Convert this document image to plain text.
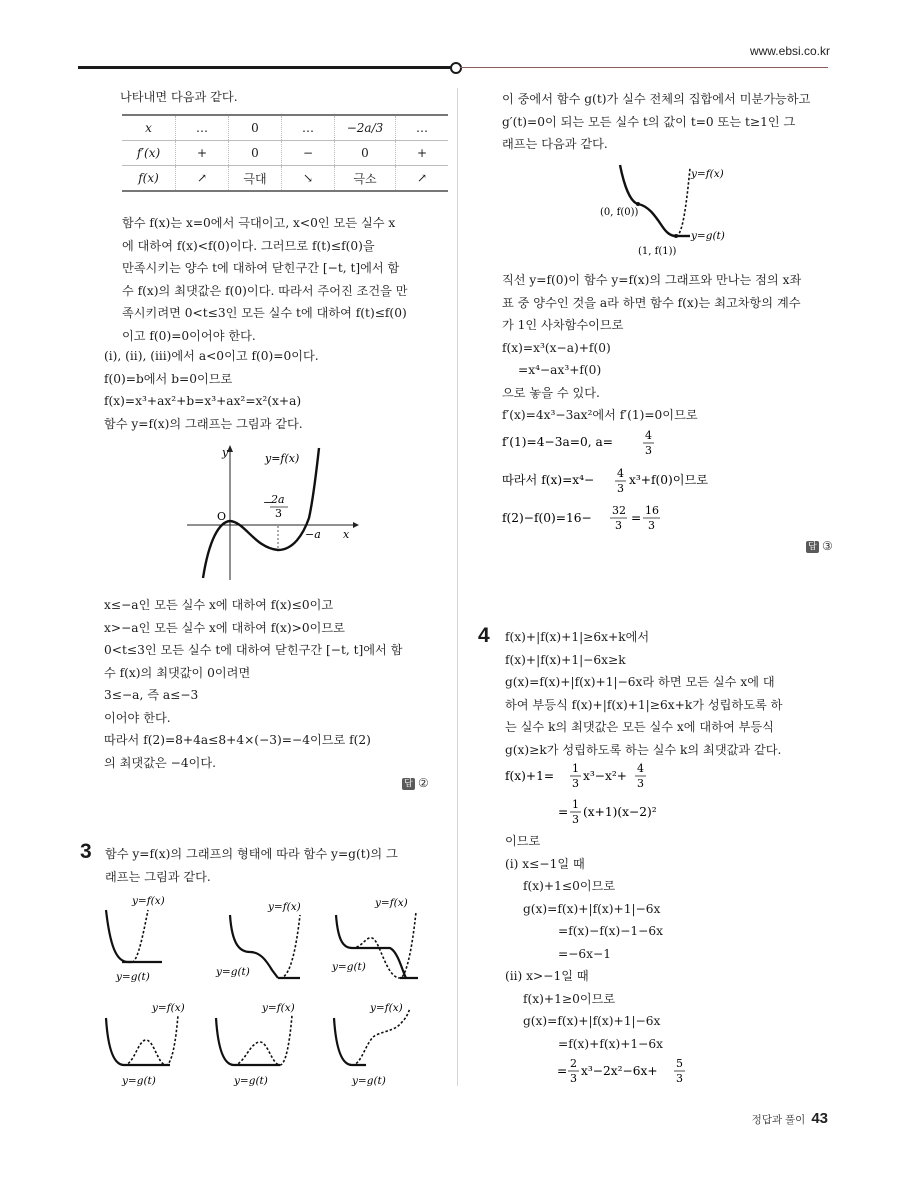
www.ebsi.co.kr
나타내면 다음과 같다.
x	…	0	…	−2a/3	…
f′(x)	+	0	−	0	+
f(x)	↗	극대	↘	극소	↗
함수 f(x)는 x=0에서 극대이고, x<0인 모든 실수 x
에 대하여 f(x)<f(0)이다. 그러므로 f(t)≤f(0)을
만족시키는 양수 t에 대하여 닫힌구간 [−t, t]에서 함
수 f(x)의 최댓값은 f(0)이다. 따라서 주어진 조건을 만
족시키려면 0<t≤3인 모든 실수 t에 대하여 f(t)≤f(0)
이고 f(0)=0이어야 한다.
(i), (ii), (iii)에서 a<0이고 f(0)=0이다.
f(0)=b에서 b=0이므로
f(x)=x³+ax²+b=x³+ax²=x²(x+a)
함수 y=f(x)의 그래프는 그림과 같다.
y
x
O
y=f(x)
−
2a
3
−a
x≤−a인 모든 실수 x에 대하여 f(x)≤0이고
x>−a인 모든 실수 x에 대하여 f(x)>0이므로
0<t≤3인 모든 실수 t에 대하여 닫힌구간 [−t, t]에서 함
수 f(x)의 최댓값이 0이려면
3≤−a, 즉 a≤−3
이어야 한다.
따라서 f(2)=8+4a≤8+4×(−3)=−4이므로 f(2)
의 최댓값은 −4이다.
답 ②
3 함수 y=f(x)의 그래프의 형태에 따라 함수 y=g(t)의 그
래프는 그림과 같다.
y=f(x)
y=g(t)
y=f(x)
y=g(t)
y=f(x)
y=g(t)
y=f(x)
y=g(t)
y=f(x)
y=g(t)
y=f(x)
y=g(t)
이 중에서 함수 g(t)가 실수 전체의 집합에서 미분가능하고
g′(t)=0이 되는 모든 실수 t의 값이 t=0 또는 t≥1인 그
래프는 다음과 같다.
y=f(x)
y=g(t)
(0, f(0))
(1, f(1))
직선 y=f(0)이 함수 y=f(x)의 그래프와 만나는 점의 x좌
표 중 양수인 것을 a라 하면 함수 f(x)는 최고차항의 계수
가 1인 사차함수이므로
f(x)=x³(x−a)+f(0)
=x⁴−ax³+f(0)
으로 놓을 수 있다.
f′(x)=4x³−3ax²에서 f′(1)=0이므로
f′(1)=4−3a=0, a=	4
3
따라서 f(x)=x⁴− 4
3
x³+f(0)이므로
f(2)−f(0)=16−
32
3
=
16
3
답 ③
4 f(x)+|f(x)+1|≥6x+k에서
f(x)+|f(x)+1|−6x≥k
g(x)=f(x)+|f(x)+1|−6x라 하면 모든 실수 x에 대
하여 부등식 f(x)+|f(x)+1|≥6x+k가 성립하도록 하
는 실수 k의 최댓값은 모든 실수 x에 대하여 부등식
g(x)≥k가 성립하도록 하는 실수 k의 최댓값과 같다.
f(x)+1=
1
3
x³−x²+
4
3
=
1
3
(x+1)(x−2)²
이므로
(i) x≤−1일 때
f(x)+1≤0이므로
g(x)=f(x)+|f(x)+1|−6x
=f(x)−f(x)−1−6x
=−6x−1
(ii) x>−1일 때
f(x)+1≥0이므로
g(x)=f(x)+|f(x)+1|−6x
=f(x)+f(x)+1−6x
=
2
3
x³−2x²−6x+
5
3
정답과 풀이 43
